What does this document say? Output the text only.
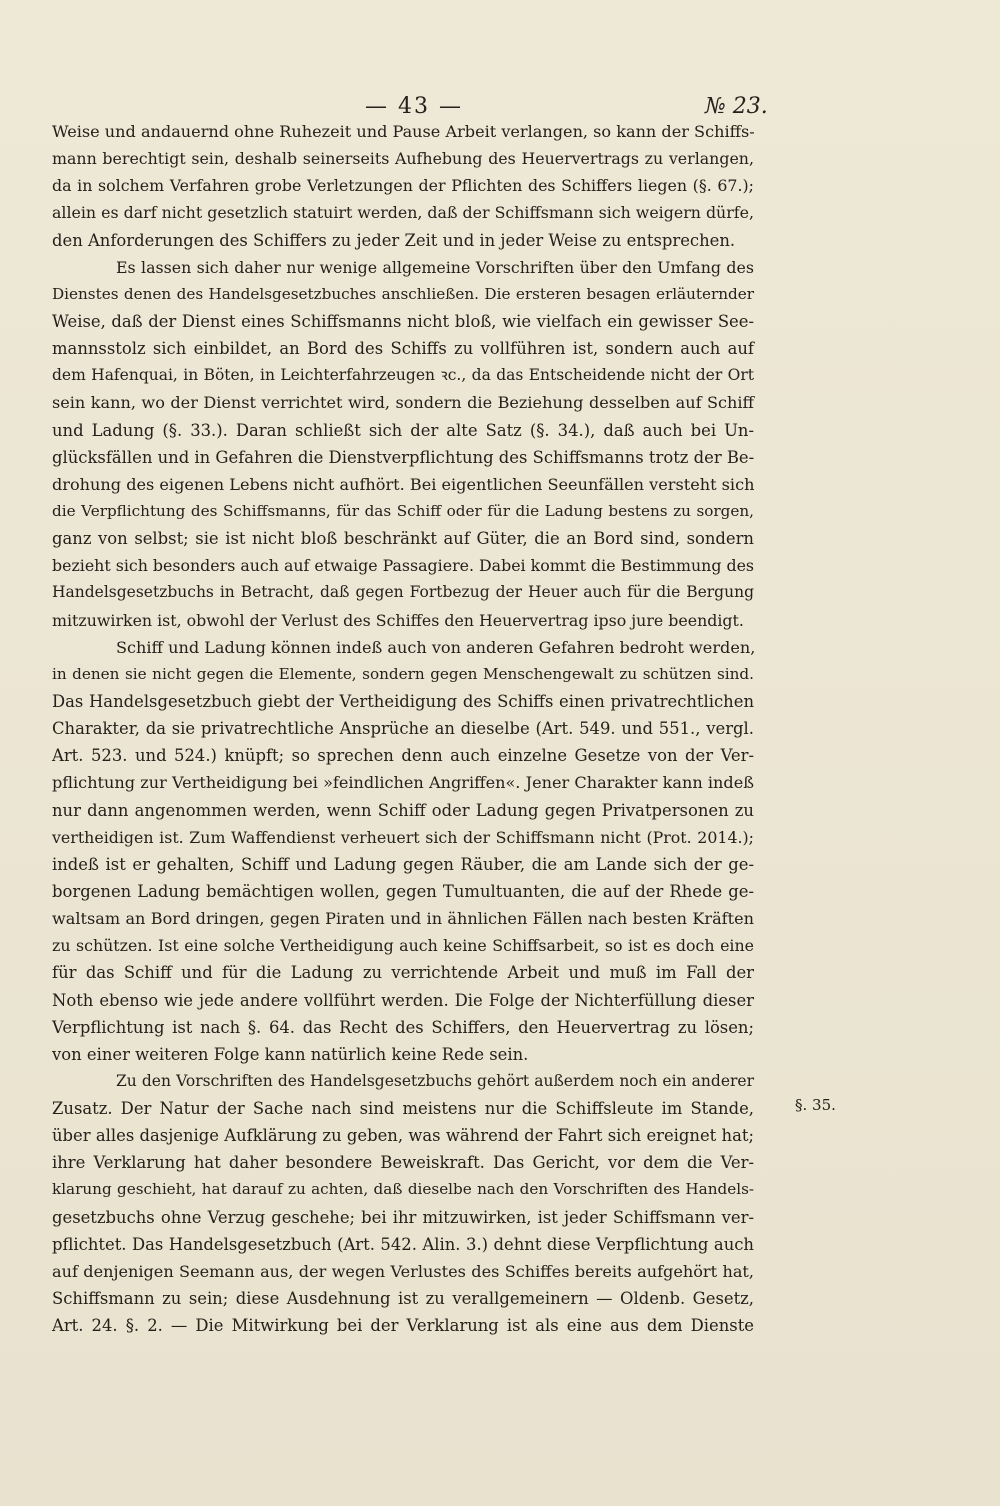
— 43 —	№ 23.
Weise und andauernd ohne Ruhezeit und Pause Arbeit verlangen, so kann der Schiffs-
mann berechtigt sein, deshalb seinerseits Aufhebung des Heuervertrags zu verlangen,
da in solchem Verfahren grobe Verletzungen der Pflichten des Schiffers liegen (§. 67.);
allein es darf nicht gesetzlich statuirt werden, daß der Schiffsmann sich weigern dürfe,
den Anforderungen des Schiffers zu jeder Zeit und in jeder Weise zu entsprechen.
Es lassen sich daher nur wenige allgemeine Vorschriften über den Umfang des
Dienstes denen des Handelsgesetzbuches anschließen. Die ersteren besagen erläuternder
Weise, daß der Dienst eines Schiffsmanns nicht bloß, wie vielfach ein gewisser See-
mannsstolz sich einbildet, an Bord des Schiffs zu vollführen ist, sondern auch auf
dem Hafenquai, in Böten, in Leichterfahrzeugen ꝛc., da das Entscheidende nicht der Ort
sein kann, wo der Dienst verrichtet wird, sondern die Beziehung desselben auf Schiff
und Ladung (§. 33.). Daran schließt sich der alte Satz (§. 34.), daß auch bei Un-
glücksfällen und in Gefahren die Dienstverpflichtung des Schiffsmanns trotz der Be-
drohung des eigenen Lebens nicht aufhört. Bei eigentlichen Seeunfällen versteht sich
die Verpflichtung des Schiffsmanns, für das Schiff oder für die Ladung bestens zu sorgen,
ganz von selbst; sie ist nicht bloß beschränkt auf Güter, die an Bord sind, sondern
bezieht sich besonders auch auf etwaige Passagiere. Dabei kommt die Bestimmung des
Handelsgesetzbuchs in Betracht, daß gegen Fortbezug der Heuer auch für die Bergung
mitzuwirken ist, obwohl der Verlust des Schiffes den Heuervertrag ipso jure beendigt.
Schiff und Ladung können indeß auch von anderen Gefahren bedroht werden,
in denen sie nicht gegen die Elemente, sondern gegen Menschengewalt zu schützen sind.
Das Handelsgesetzbuch giebt der Vertheidigung des Schiffs einen privatrechtlichen
Charakter, da sie privatrechtliche Ansprüche an dieselbe (Art. 549. und 551., vergl.
Art. 523. und 524.) knüpft; so sprechen denn auch einzelne Gesetze von der Ver-
pflichtung zur Vertheidigung bei »feindlichen Angriffen«. Jener Charakter kann indeß
nur dann angenommen werden, wenn Schiff oder Ladung gegen Privatpersonen zu
vertheidigen ist. Zum Waffendienst verheuert sich der Schiffsmann nicht (Prot. 2014.);
indeß ist er gehalten, Schiff und Ladung gegen Räuber, die am Lande sich der ge-
borgenen Ladung bemächtigen wollen, gegen Tumultuanten, die auf der Rhede ge-
waltsam an Bord dringen, gegen Piraten und in ähnlichen Fällen nach besten Kräften
zu schützen. Ist eine solche Vertheidigung auch keine Schiffsarbeit, so ist es doch eine
für das Schiff und für die Ladung zu verrichtende Arbeit und muß im Fall der
Noth ebenso wie jede andere vollführt werden. Die Folge der Nichterfüllung dieser
Verpflichtung ist nach §. 64. das Recht des Schiffers, den Heuervertrag zu lösen;
von einer weiteren Folge kann natürlich keine Rede sein.
Zu den Vorschriften des Handelsgesetzbuchs gehört außerdem noch ein anderer
Zusatz. Der Natur der Sache nach sind meistens nur die Schiffsleute im Stande,
über alles dasjenige Aufklärung zu geben, was während der Fahrt sich ereignet hat;
ihre Verklarung hat daher besondere Beweiskraft. Das Gericht, vor dem die Ver-
klarung geschieht, hat darauf zu achten, daß dieselbe nach den Vorschriften des Handels-
gesetzbuchs ohne Verzug geschehe; bei ihr mitzuwirken, ist jeder Schiffsmann ver-
pflichtet. Das Handelsgesetzbuch (Art. 542. Alin. 3.) dehnt diese Verpflichtung auch
auf denjenigen Seemann aus, der wegen Verlustes des Schiffes bereits aufgehört hat,
Schiffsmann zu sein; diese Ausdehnung ist zu verallgemeinern — Oldenb. Gesetz,
Art. 24. §. 2. — Die Mitwirkung bei der Verklarung ist als eine aus dem Dienste
§. 35.
